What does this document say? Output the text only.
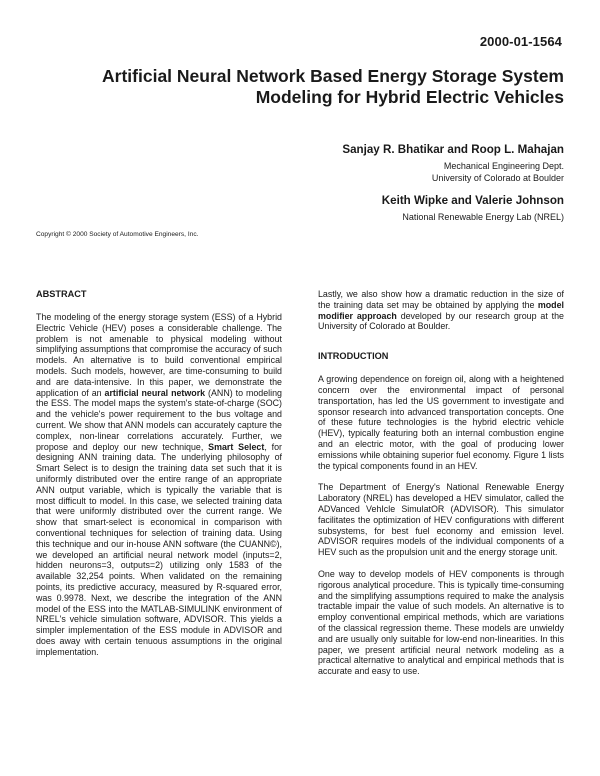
2000-01-1564

Artificial Neural Network Based Energy Storage System
Modeling for Hybrid Electric Vehicles

Sanjay R. Bhatikar and Roop L. Mahajan

Mechanical Engineering Dept.

University of Colorado at Boulder

Keith Wipke and Valerie Johnson

National Renewable Energy Lab (NREL)

Copyright © 2000 Society of Automotive Engineers, Inc.

ABSTRACT

The modeling of the energy storage system (ESS) of a Hybrid Electric Vehicle (HEV) poses a considerable challenge. The problem is not amenable to physical modeling without simplifying assumptions that compromise the accuracy of such models. An alternative is to build conventional empirical models. Such models, however, are time-consuming to build and are data-intensive. In this paper, we demonstrate the application of an artificial neural network (ANN) to modeling the ESS. The model maps the system's state-of-charge (SOC) and the vehicle's power requirement to the bus voltage and current. We show that ANN models can accurately capture the complex, non-linear correlations accurately. Further, we propose and deploy our new technique, Smart Select, for designing ANN training data. The underlying philosophy of Smart Select is to design the training data set such that it is uniformly distributed over the entire range of an appropriate ANN output variable, which is typically the variable that is most difficult to model. In this case, we selected training data that were uniformly distributed over the current range. We show that smart-select is economical in comparison with conventional techniques for selection of training data. Using this technique and our in-house ANN software (the CUANN©), we developed an artificial neural network model (inputs=2, hidden neurons=3, outputs=2) utilizing only 1583 of the available 32,254 points. When validated on the remaining points, its predictive accuracy, measured by R-squared error, was 0.9978. Next, we describe the integration of the ANN model of the ESS into the MATLAB-SIMULINK environment of NREL's vehicle simulation software, ADVISOR. This yields a simpler implementation of the ESS module in ADVISOR and does away with certain tenuous assumptions in the original implementation.

Lastly, we also show how a dramatic reduction in the size of the training data set may be obtained by applying the model modifier approach developed by our research group at the University of Colorado at Boulder.

INTRODUCTION

A growing dependence on foreign oil, along with a heightened concern over the environmental impact of personal transportation, has led the US government to investigate and sponsor research into advanced transportation concepts. One of these future technologies is the hybrid electric vehicle (HEV), typically featuring both an internal combustion engine and an electric motor, with the goal of producing lower emissions while obtaining superior fuel economy. Figure 1 lists the typical components found in an HEV.

The Department of Energy's National Renewable Energy Laboratory (NREL) has developed a HEV simulator, called the ADVanced VehIcle SimulatOR (ADVISOR). This simulator facilitates the optimization of HEV configurations with different subsystems, for best fuel economy and emission level. ADVISOR requires models of the individual components of a HEV such as the propulsion unit and the energy storage unit.

One way to develop models of HEV components is through rigorous analytical procedure. This is typically time-consuming and the simplifying assumptions required to make the analysis tractable impair the value of such models. An alternative is to employ conventional empirical methods, which are variations of the classical regression theme. These models are unwieldy and are usually only suitable for low-end non-linearities. In this paper, we present artificial neural network modeling as a practical alternative to analytical and empirical methods that is accurate and easy to use.
